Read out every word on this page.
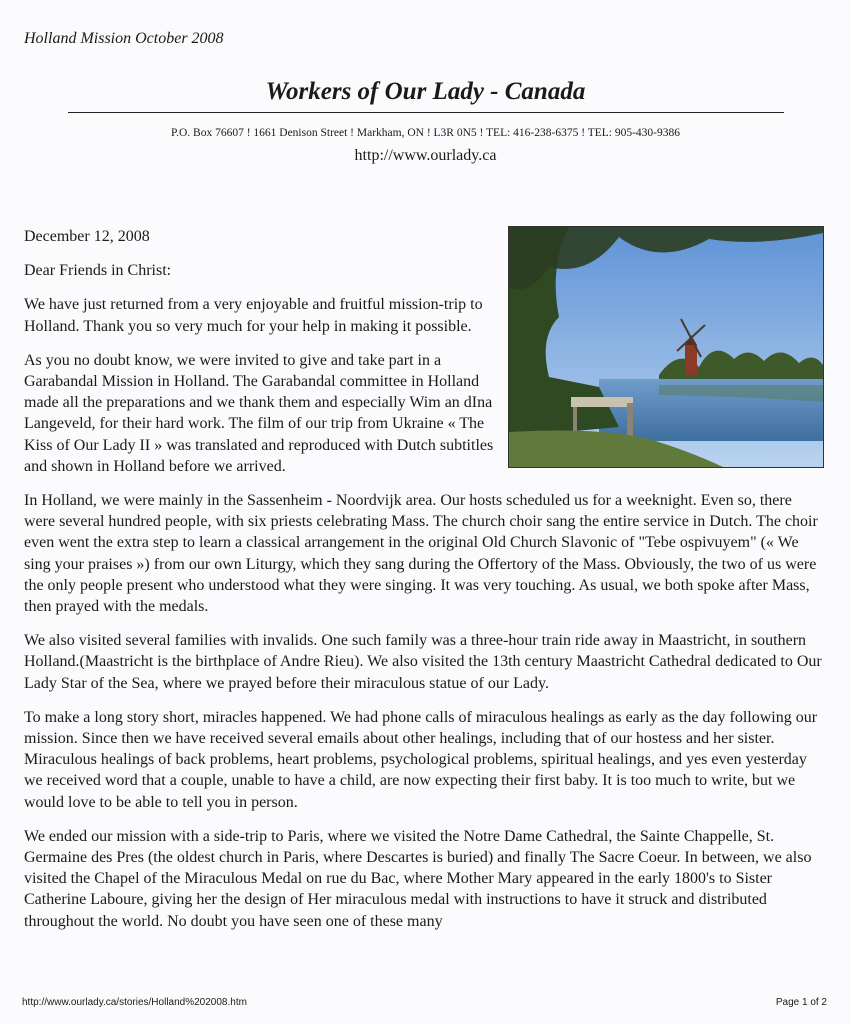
Holland Mission October 2008
Workers of Our Lady - Canada
P.O. Box 76607 ! 1661 Denison Street ! Markham, ON ! L3R 0N5 ! TEL: 416-238-6375 ! TEL: 905-430-9386
http://www.ourlady.ca

December 12, 2008

Dear Friends in Christ:

We have just returned from a very enjoyable and fruitful mission-trip to Holland. Thank you so very much for your help in making it possible.

As you no doubt know, we were invited to give and take part in a Garabandal Mission in Holland. The Garabandal committee in Holland made all the preparations and we thank them and especially Wim an dIna Langeveld, for their hard work. The film of our trip from Ukraine « The Kiss of Our Lady II » was translated and reproduced with Dutch subtitles and shown in Holland before we arrived.

In Holland, we were mainly in the Sassenheim - Noordvijk area. Our hosts scheduled us for a weeknight. Even so, there were several hundred people, with six priests celebrating Mass. The church choir sang the entire service in Dutch. The choir even went the extra step to learn a classical arrangement in the original Old Church Slavonic of "Tebe ospivuyem" (« We sing your praises ») from our own Liturgy, which they sang during the Offertory of the Mass. Obviously, the two of us were the only people present who understood what they were singing. It was very touching. As usual, we both spoke after Mass, then prayed with the medals.

We also visited several families with invalids. One such family was a three-hour train ride away in Maastricht, in southern Holland.(Maastricht is the birthplace of Andre Rieu). We also visited the 13th century Maastricht Cathedral dedicated to Our Lady Star of the Sea, where we prayed before their miraculous statue of our Lady.

To make a long story short, miracles happened. We had phone calls of miraculous healings as early as the day following our mission. Since then we have received several emails about other healings, including that of our hostess and her sister. Miraculous healings of back problems, heart problems, psychological problems, spiritual healings, and yes even yesterday we received word that a couple, unable to have a child, are now expecting their first baby. It is too much to write, but we would love to be able to tell you in person.

We ended our mission with a side-trip to Paris, where we visited the Notre Dame Cathedral, the Sainte Chappelle, St. Germaine des Pres (the oldest church in Paris, where Descartes is buried) and finally The Sacre Coeur. In between, we also visited the Chapel of the Miraculous Medal on rue du Bac, where Mother Mary appeared in the early 1800's to Sister Catherine Laboure, giving her the design of Her miraculous medal with instructions to have it struck and distributed throughout the world. No doubt you have seen one of these many

http://www.ourlady.ca/stories/Holland%202008.htm	Page 1 of 2
